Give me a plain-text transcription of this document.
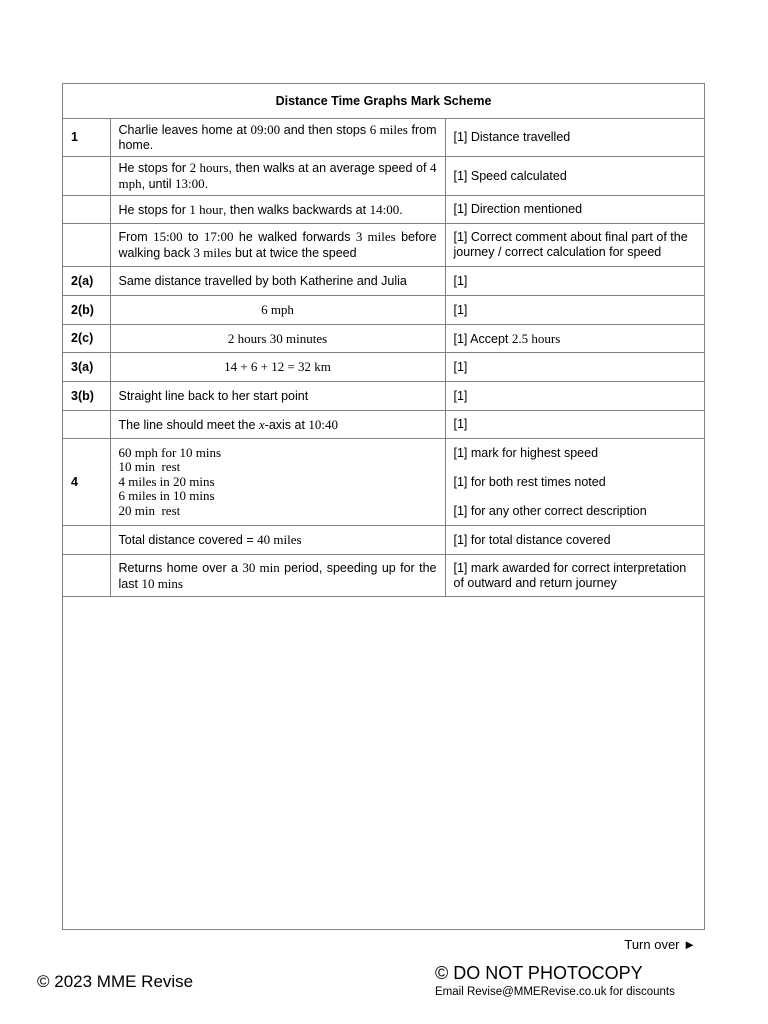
Distance Time Graphs Mark Scheme		
1	Charlie leaves home at 09:00 and then stops 6 miles from home.	[1] Distance travelled
	He stops for 2 hours, then walks at an average speed of 4 mph, until 13:00.	[1] Speed calculated
	He stops for 1 hour, then walks backwards at 14:00.	[1] Direction mentioned
	From 15:00 to 17:00 he walked forwards 3 miles before walking back 3 miles but at twice the speed	[1] Correct comment about final part of the journey / correct calculation for speed
2(a)	Same distance travelled by both Katherine and Julia	[1]
2(b)	6 mph	[1]
2(c)	2 hours 30 minutes	[1] Accept 2.5 hours
3(a)	14 + 6 + 12 = 32 km	[1]
3(b)	Straight line back to her start point	[1]
	The line should meet the x-axis at 10:40	[1]
4	60 mph for 10 mins
10 min  rest
4 miles in 20 mins
6 miles in 10 mins
20 min  rest	[1] mark for highest speed
[1] for both rest times noted
[1] for any other correct description

	Total distance covered = 40 miles	[1] for total distance covered
	Returns home over a 30 min period, speeding up for the last 10 mins	[1] mark awarded for correct interpretation of outward and return journey
Turn over ►
© 2023 MME Revise	© DO NOT PHOTOCOPY
Email Revise@MMERevise.co.uk for discounts
